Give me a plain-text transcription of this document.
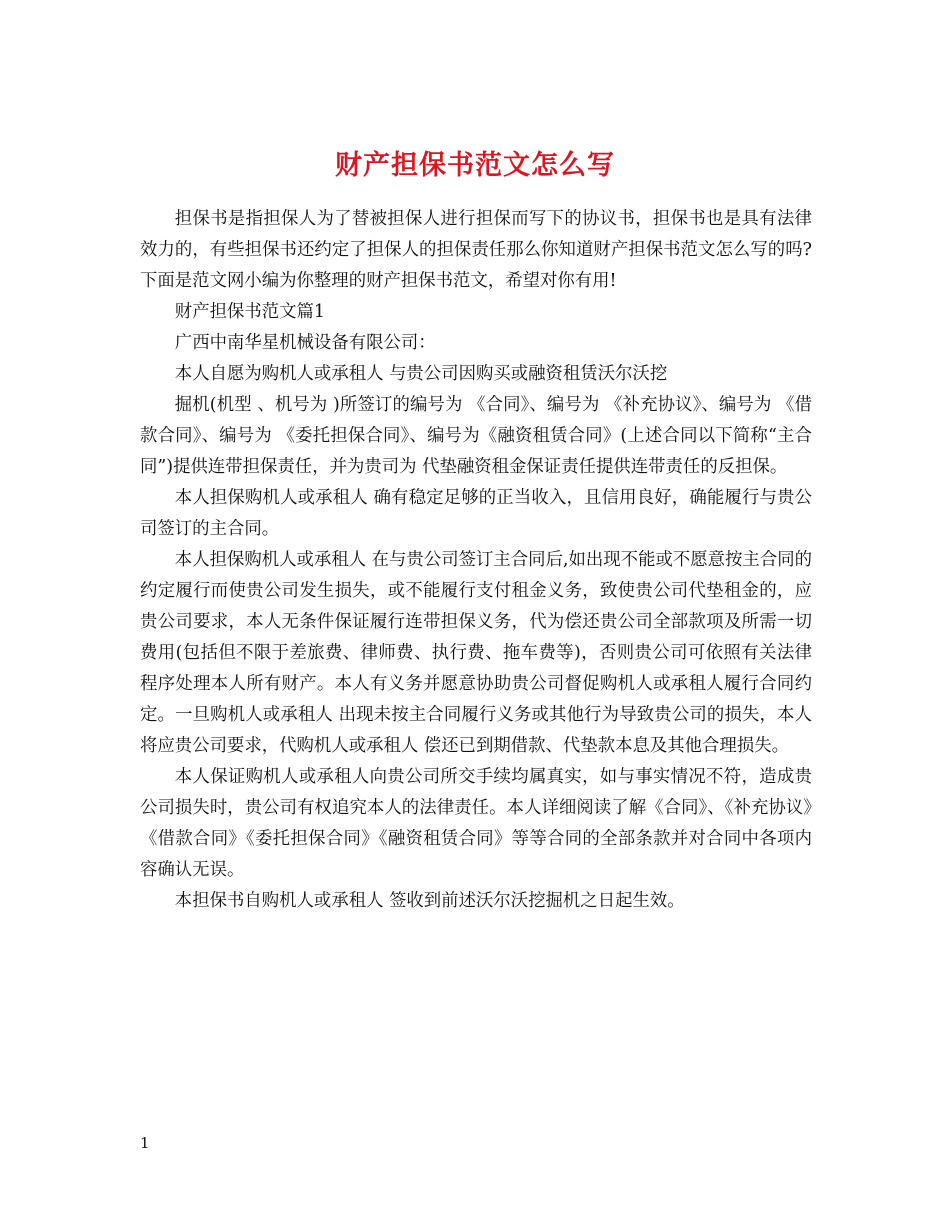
财产担保书范文怎么写

担保书是指担保人为了替被担保人进行担保而写下的协议书，担保书也是具有法律效力的，有些担保书还约定了担保人的担保责任那么你知道财产担保书范文怎么写的吗?下面是范文网小编为你整理的财产担保书范文，希望对你有用!

财产担保书范文篇1

广西中南华星机械设备有限公司：

本人自愿为购机人或承租人 与贵公司因购买或融资租赁沃尔沃挖

掘机(机型 、机号为 )所签订的编号为 《合同》、编号为 《补充协议》、编号为 《借款合同》、编号为 《委托担保合同》、编号为《融资租赁合同》(上述合同以下简称“主合同”)提供连带担保责任，并为贵司为 代垫融资租金保证责任提供连带责任的反担保。

本人担保购机人或承租人 确有稳定足够的正当收入，且信用良好，确能履行与贵公司签订的主合同。

本人担保购机人或承租人 在与贵公司签订主合同后,如出现不能或不愿意按主合同的约定履行而使贵公司发生损失，或不能履行支付租金义务，致使贵公司代垫租金的，应贵公司要求，本人无条件保证履行连带担保义务，代为偿还贵公司全部款项及所需一切费用(包括但不限于差旅费、律师费、执行费、拖车费等)，否则贵公司可依照有关法律程序处理本人所有财产。本人有义务并愿意协助贵公司督促购机人或承租人履行合同约定。一旦购机人或承租人 出现未按主合同履行义务或其他行为导致贵公司的损失，本人将应贵公司要求，代购机人或承租人 偿还已到期借款、代垫款本息及其他合理损失。

本人保证购机人或承租人向贵公司所交手续均属真实，如与事实情况不符，造成贵公司损失时，贵公司有权追究本人的法律责任。本人详细阅读了解《合同》、《补充协议》《借款合同》《委托担保合同》《融资租赁合同》等等合同的全部条款并对合同中各项内容确认无误。

本担保书自购机人或承租人 签收到前述沃尔沃挖掘机之日起生效。

1
